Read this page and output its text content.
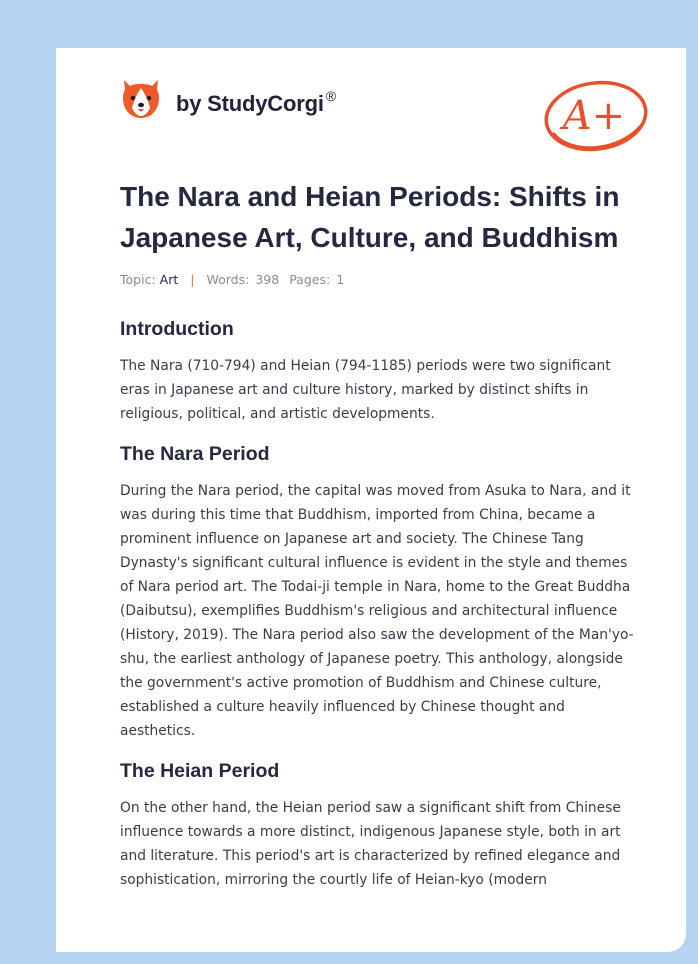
by StudyCorgi ®	A+
The Nara and Heian Periods: Shifts in Japanese Art, Culture, and Buddhism
Topic: Art | Words: 398 Pages: 1
Introduction

The Nara (710-794) and Heian (794-1185) periods were two significant eras in Japanese art and culture history, marked by distinct shifts in religious, political, and artistic developments.

The Nara Period

During the Nara period, the capital was moved from Asuka to Nara, and it was during this time that Buddhism, imported from China, became a prominent influence on Japanese art and society. The Chinese Tang Dynasty's significant cultural influence is evident in the style and themes of Nara period art. The Todai-ji temple in Nara, home to the Great Buddha (Daibutsu), exemplifies Buddhism's religious and architectural influence (History, 2019). The Nara period also saw the development of the Man'yo-shu, the earliest anthology of Japanese poetry. This anthology, alongside the government's active promotion of Buddhism and Chinese culture, established a culture heavily influenced by Chinese thought and aesthetics.

The Heian Period

On the other hand, the Heian period saw a significant shift from Chinese influence towards a more distinct, indigenous Japanese style, both in art and literature. This period's art is characterized by refined elegance and sophistication, mirroring the courtly life of Heian-kyo (modern
